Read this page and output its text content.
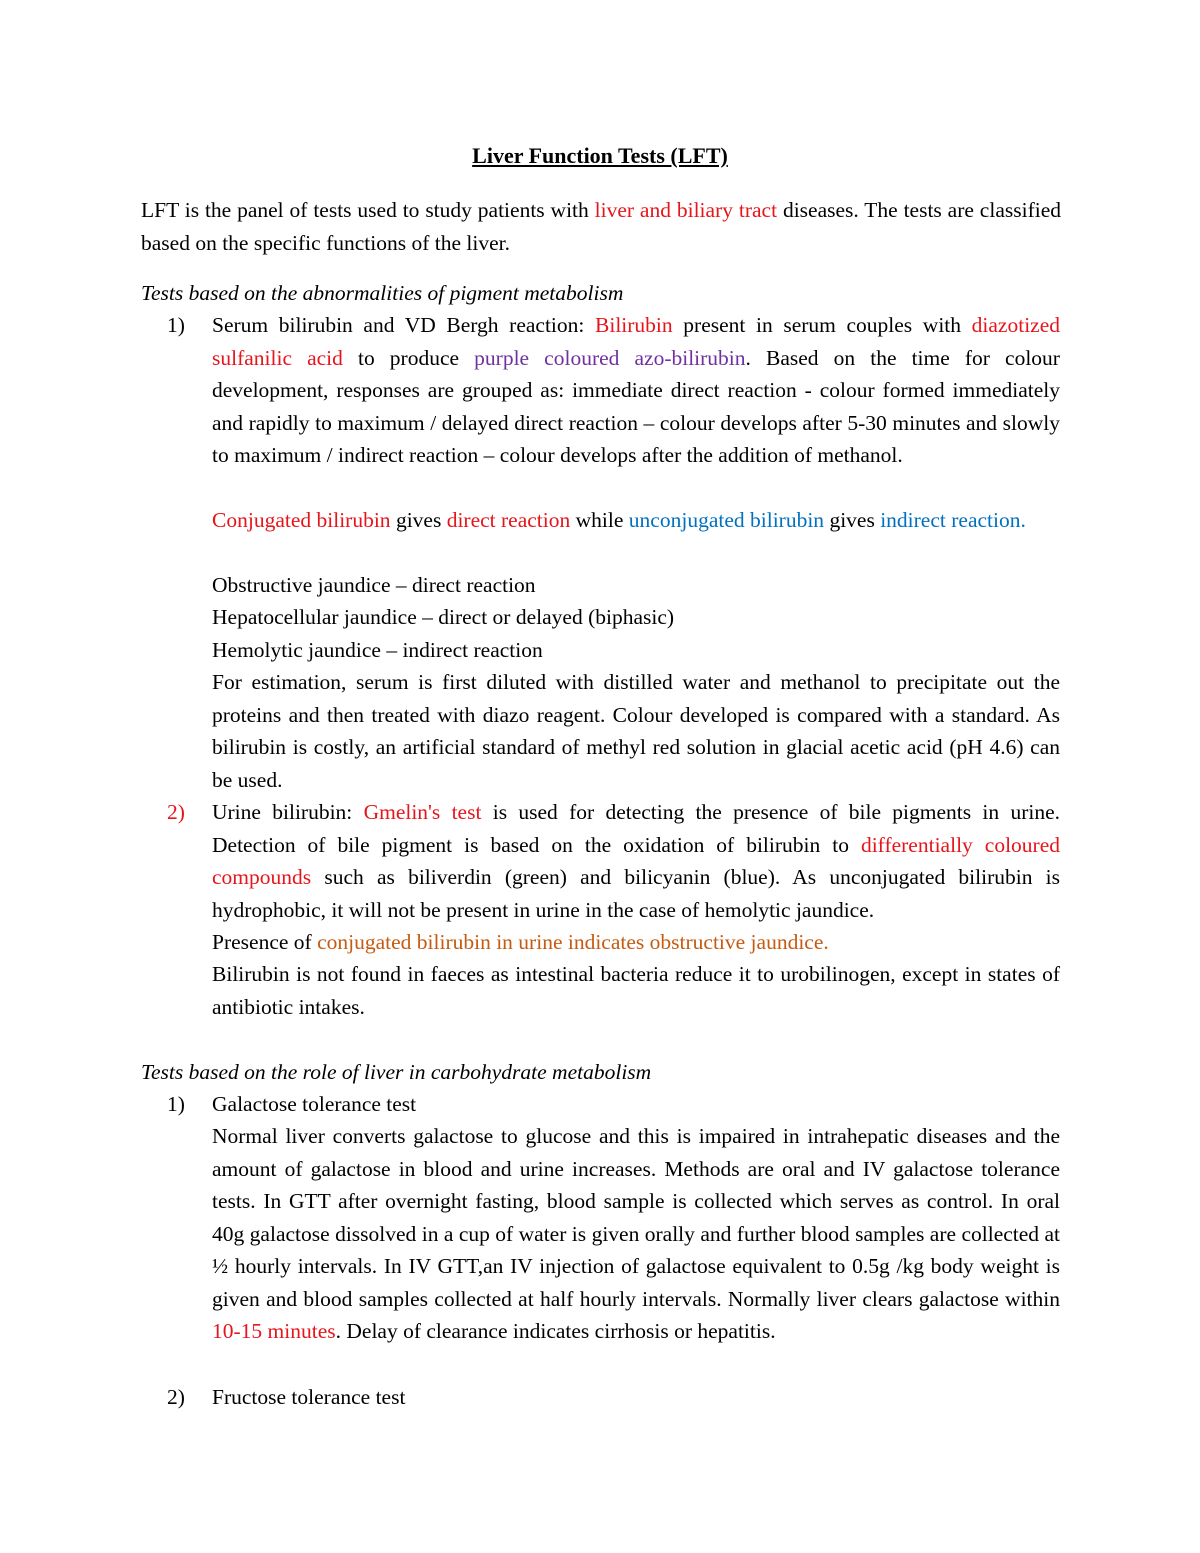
Liver Function Tests (LFT)

LFT is the panel of tests used to study patients with liver and biliary tract diseases. The tests are classified based on the specific functions of the liver.

Tests based on the abnormalities of pigment metabolism

1) Serum bilirubin and VD Bergh reaction: Bilirubin present in serum couples with diazotized sulfanilic acid to produce purple coloured azo-bilirubin. Based on the time for colour development, responses are grouped as: immediate direct reaction - colour formed immediately and rapidly to maximum / delayed direct reaction – colour develops after 5-30 minutes and slowly to maximum / indirect reaction – colour develops after the addition of methanol.

Conjugated bilirubin gives direct reaction while unconjugated bilirubin gives indirect reaction.

Obstructive jaundice – direct reaction

Hepatocellular jaundice – direct or delayed (biphasic)

Hemolytic jaundice – indirect reaction

For estimation, serum is first diluted with distilled water and methanol to precipitate out the proteins and then treated with diazo reagent. Colour developed is compared with a standard. As bilirubin is costly, an artificial standard of methyl red solution in glacial acetic acid (pH 4.6) can be used.

2) Urine bilirubin: Gmelin's test is used for detecting the presence of bile pigments in urine. Detection of bile pigment is based on the oxidation of bilirubin to differentially coloured compounds such as biliverdin (green) and bilicyanin (blue). As unconjugated bilirubin is hydrophobic, it will not be present in urine in the case of hemolytic jaundice.

Presence of conjugated bilirubin in urine indicates obstructive jaundice.

Bilirubin is not found in faeces as intestinal bacteria reduce it to urobilinogen, except in states of antibiotic intakes.

Tests based on the role of liver in carbohydrate metabolism

1) Galactose tolerance test

Normal liver converts galactose to glucose and this is impaired in intrahepatic diseases and the amount of galactose in blood and urine increases. Methods are oral and IV galactose tolerance tests. In GTT after overnight fasting, blood sample is collected which serves as control. In oral 40g galactose dissolved in a cup of water is given orally and further blood samples are collected at ½ hourly intervals. In IV GTT,an IV injection of galactose equivalent to 0.5g /kg body weight is given and blood samples collected at half hourly intervals. Normally liver clears galactose within 10-15 minutes. Delay of clearance indicates cirrhosis or hepatitis.

2) Fructose tolerance test
